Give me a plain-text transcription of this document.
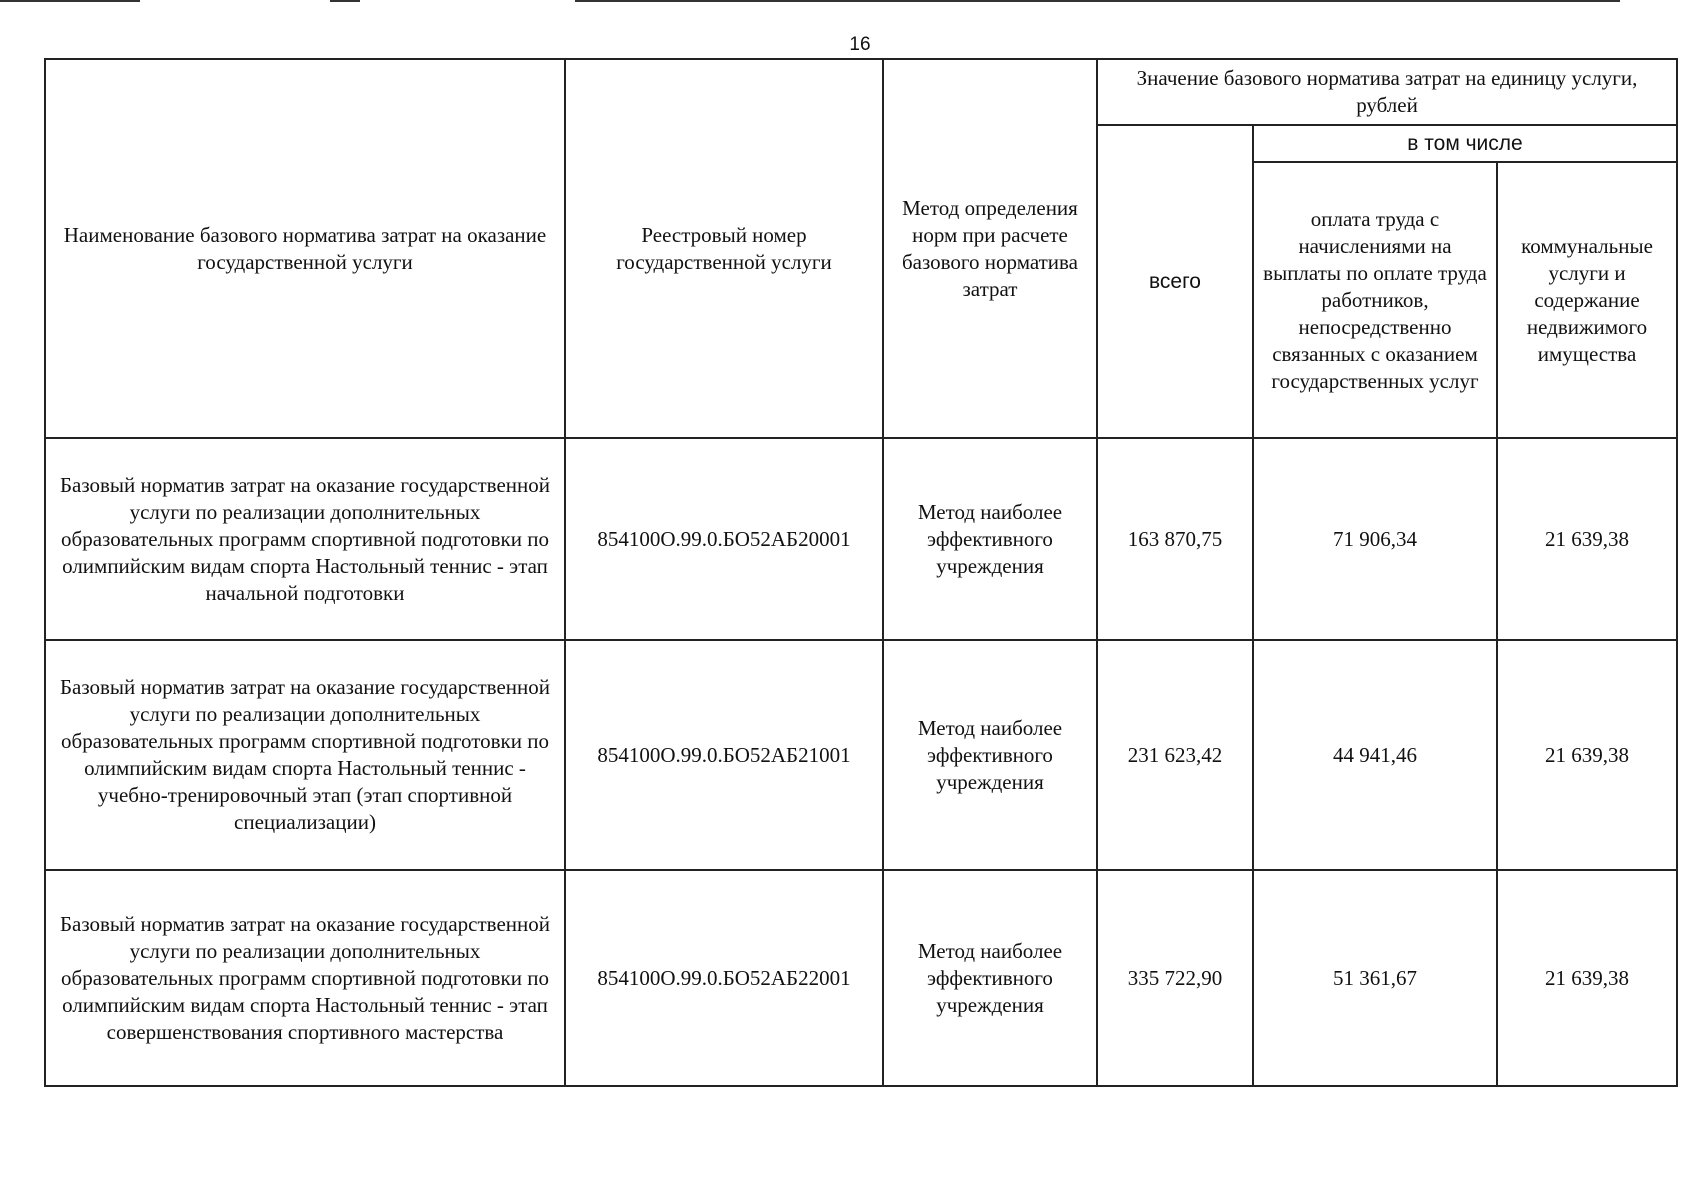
16
Наименование базового норматива затрат на оказание государственной услуги	Реестровый номер государственной услуги	Метод определения норм при расчете базового норматива затрат	Значение базового норматива затрат на единицу услуги, рублей		
			всего	в том числе	
				оплата труда с начислениями на выплаты по оплате труда работников, непосредственно связанных с оказанием государственных услуг	коммунальные услуги и содержание недвижимого имущества
Базовый норматив затрат на оказание государственной услуги по реализации дополнительных образовательных программ спортивной подготовки по олимпийским видам спорта Настольный теннис - этап начальной подготовки	854100О.99.0.БО52АБ20001	Метод наиболее эффективного учреждения	163 870,75	71 906,34	21 639,38
Базовый норматив затрат на оказание государственной услуги по реализации дополнительных образовательных программ спортивной подготовки по олимпийским видам спорта Настольный теннис - учебно-тренировочный этап (этап спортивной специализации)	854100О.99.0.БО52АБ21001	Метод наиболее эффективного учреждения	231 623,42	44 941,46	21 639,38
Базовый норматив затрат на оказание государственной услуги по реализации дополнительных образовательных программ спортивной подготовки по олимпийским видам спорта Настольный теннис - этап совершенствования спортивного мастерства	854100О.99.0.БО52АБ22001	Метод наиболее эффективного учреждения	335 722,90	51 361,67	21 639,38
